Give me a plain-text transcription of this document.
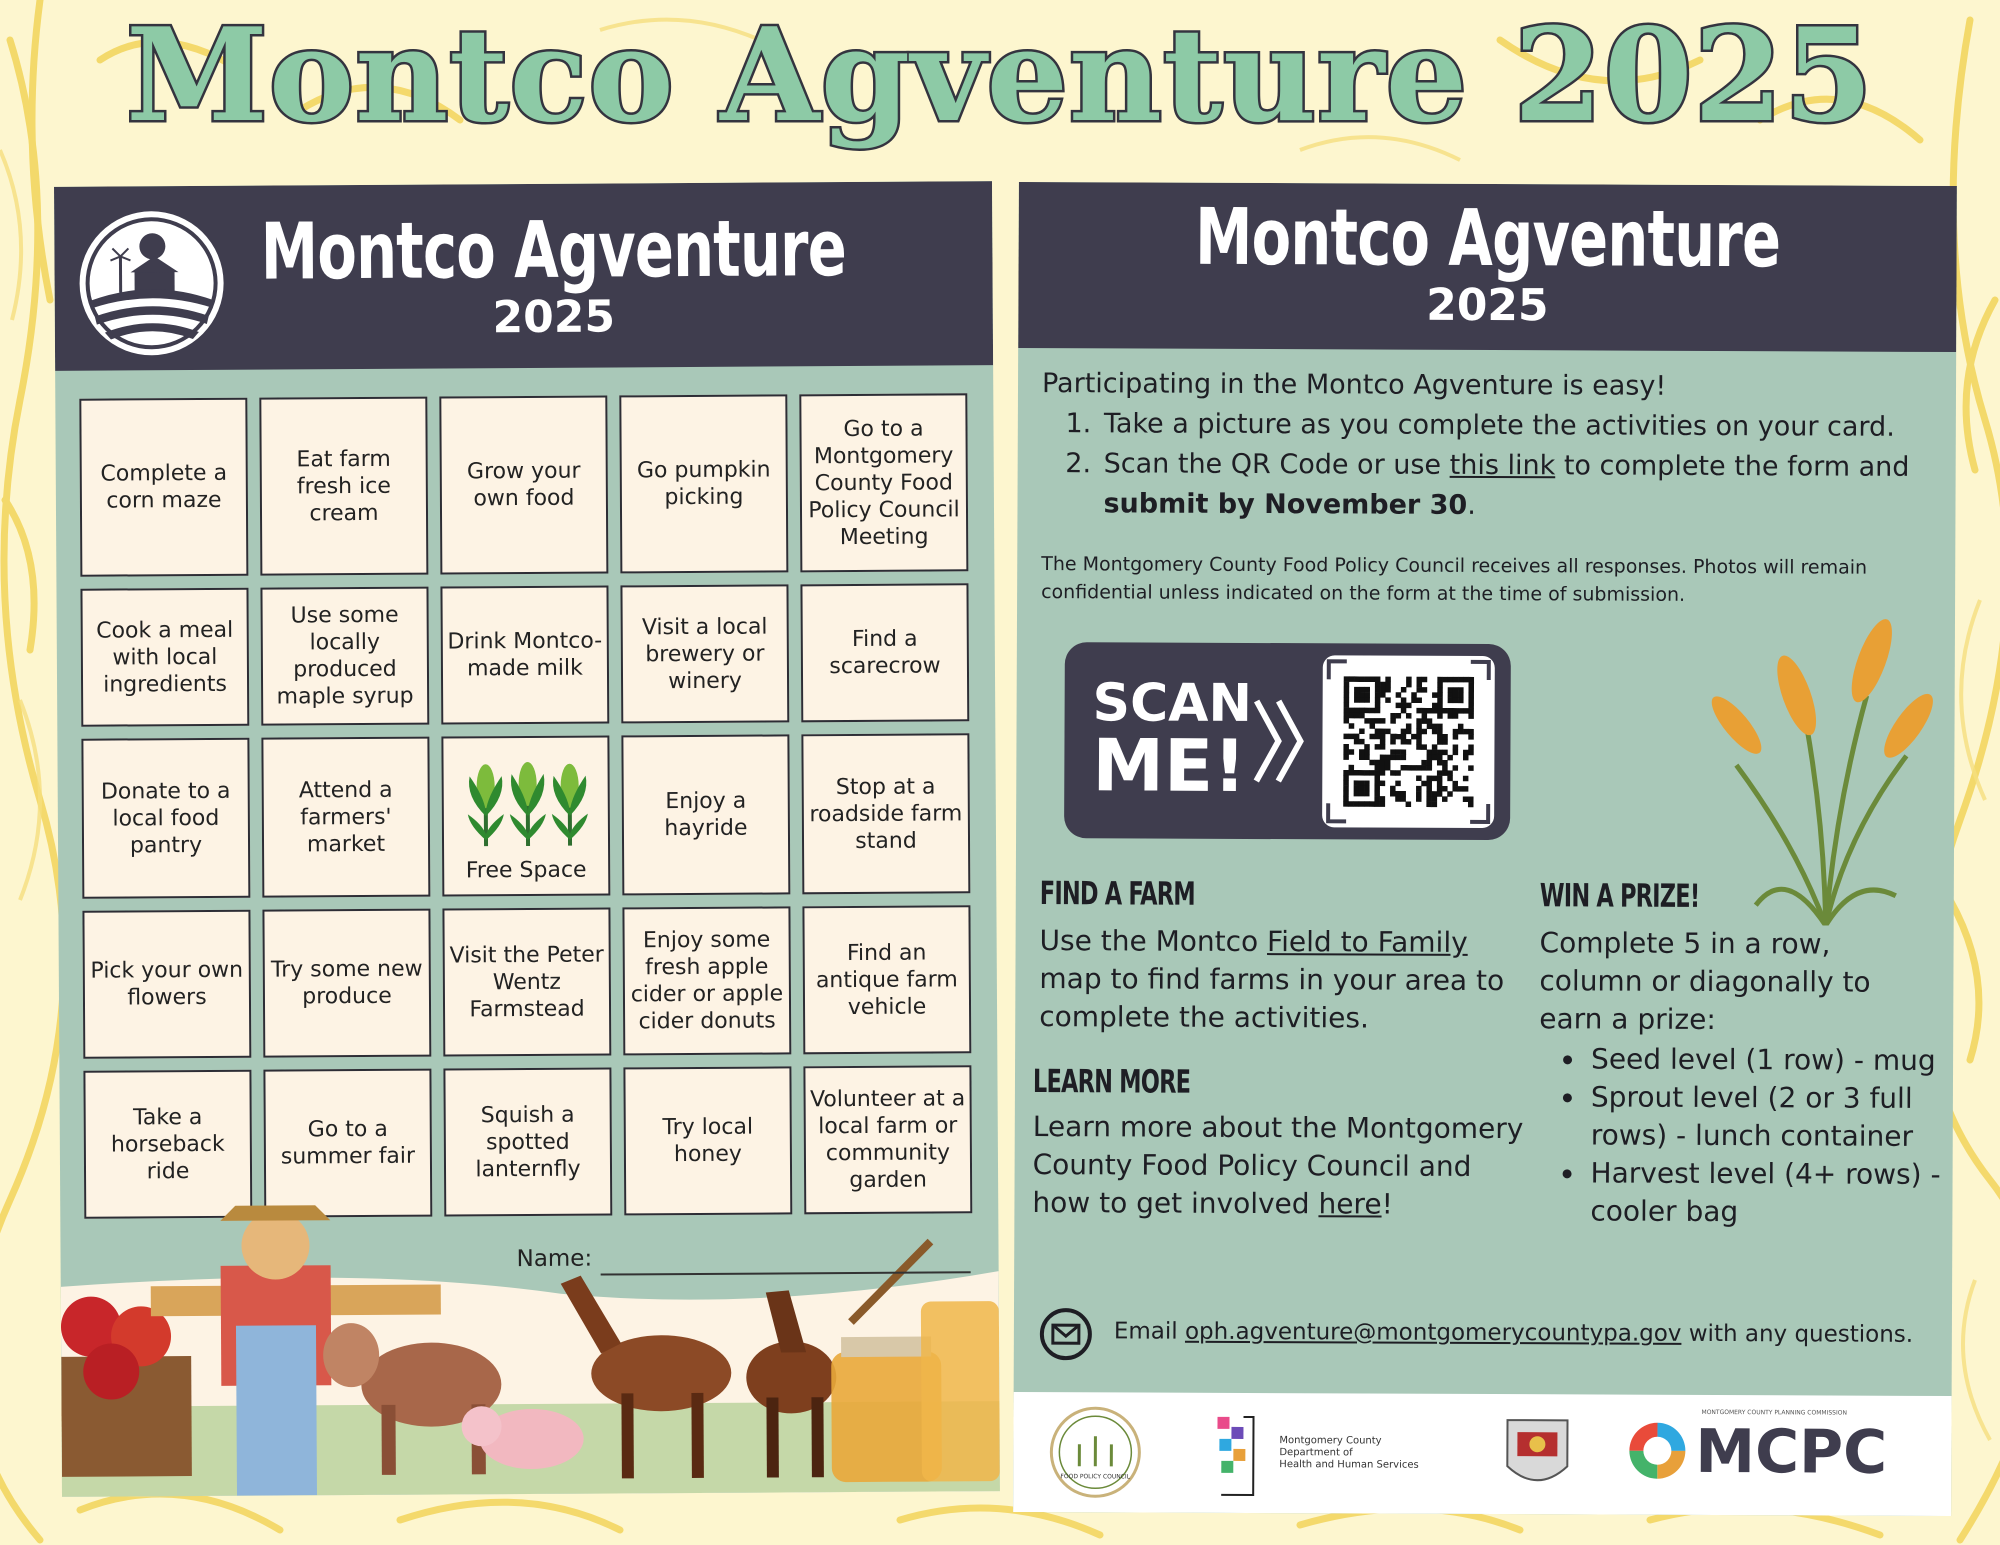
Montco Agventure 2025
Montco Agventure
2025
Complete a corn maze
Eat farm fresh ice cream
Grow your own food
Go pumpkin picking
Go to a Montgomery County Food Policy Council Meeting
Cook a meal with local ingredients
Use some locally produced maple syrup
Drink Montco-made milk
Visit a local brewery or winery
Find a scarecrow
Donate to a local food pantry
Attend a farmers' market
Free Space
Enjoy a hayride
Stop at a roadside farm stand
Pick your own flowers
Try some new produce
Visit the Peter Wentz Farmstead
Enjoy some fresh apple cider or apple cider donuts
Find an antique farm vehicle
Take a horseback ride
Go to a summer fair
Squish a spotted lanternfly
Try local honey
Volunteer at a local farm or community garden
Name:
Montco Agventure
2025

Participating in the Montco Agventure is easy!

1. Take a picture as you complete the activities on your card.
2. Scan the QR Code or use this link to complete the form and submit by November 30.
The Montgomery County Food Policy Council receives all responses. Photos will remain confidential unless indicated on the form at the time of submission.
SCAN
ME!
FIND A FARM

Use the Montco Field to Family map to find farms in your area to complete the activities.

LEARN MORE

Learn more about the Montgomery County Food Policy Council and how to get involved here!

WIN A PRIZE!

Complete 5 in a row, column or diagonally to earn a prize:

• Seed level (1 row) - mug
• Sprout level (2 or 3 full rows) - lunch container
• Harvest level (4+ rows) - cooler bag
Email oph.agventure@montgomerycountypa.gov with any questions.
FOOD POLICY COUNCIL
Montgomery County
Department of
Health and Human Services	MCPC
MONTGOMERY COUNTY PLANNING COMMISSION
